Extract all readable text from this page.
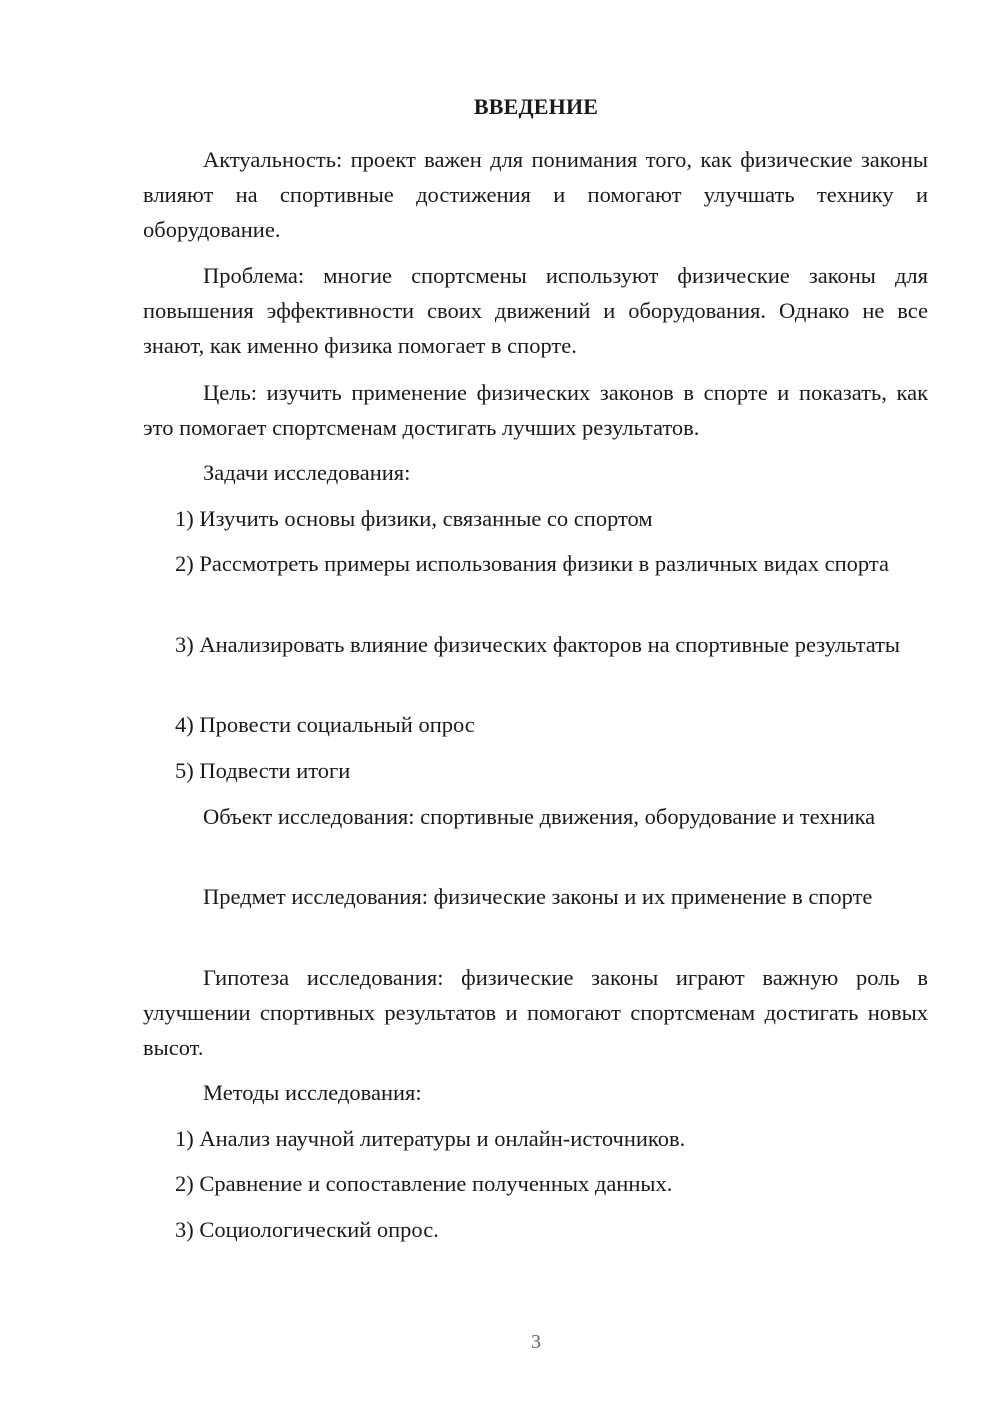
ВВЕДЕНИЕ
Актуальность: проект важен для понимания того, как физические законы влияют на спортивные достижения и помогают улучшать технику и оборудование.
Проблема: многие спортсмены используют физические законы для повышения эффективности своих движений и оборудования. Однако не все знают, как именно физика помогает в спорте.
Цель: изучить применение физических законов в спорте и показать, как это помогает спортсменам достигать лучших результатов.
Задачи исследования:
1) Изучить основы физики, связанные со спортом
2) Рассмотреть примеры использования физики в различных видах спорта
3) Анализировать влияние физических факторов на спортивные результаты
4) Провести социальный опрос
5) Подвести итоги
Объект исследования: спортивные движения, оборудование и техника
Предмет исследования: физические законы и их применение в спорте
Гипотеза исследования: физические законы играют важную роль в улучшении спортивных результатов и помогают спортсменам достигать новых высот.
Методы исследования:
1) Анализ научной литературы и онлайн-источников.
2) Сравнение и сопоставление полученных данных.
3) Социологический опрос.
3
